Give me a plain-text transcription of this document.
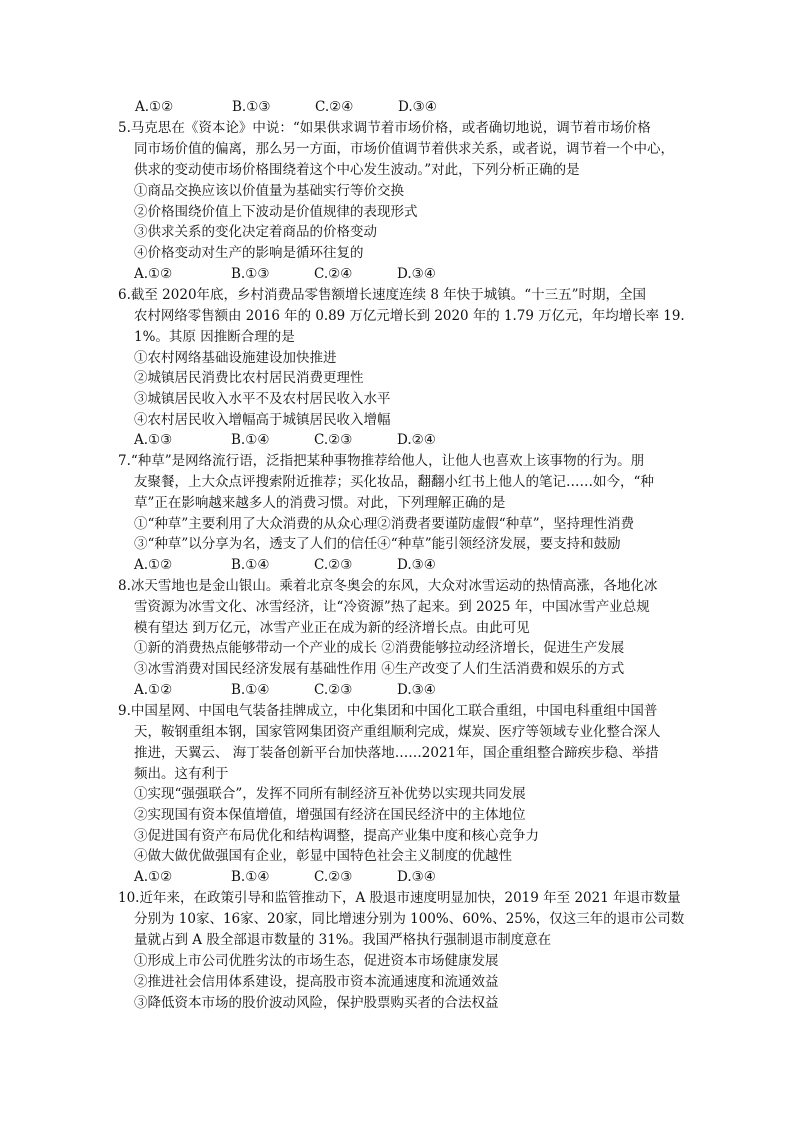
A.①②	B.①③	C.②④	D.③④
5.马克思在《资本论》中说：“如果供求调节着市场价格，或者确切地说，调节着市场价格
同市场价值的偏离，那么另一方面，市场价值调节着供求关系，或者说，调节着一个中心，
供求的变动使市场价格围绕着这个中心发生波动。”对此，下列分析正确的是
①商品交换应该以价值量为基础实行等价交换
②价格围绕价值上下波动是价值规律的表现形式
③供求关系的变化决定着商品的价格变动
④价格变动对生产的影响是循环往复的
A.①②	B.①③	C.②④	D.③④
6.截至 2020年底，乡村消费品零售额增长速度连续 8 年快于城镇。“十三五”时期，全国
农村网络零售额由 2016 年的 0.89 万亿元增长到 2020 年的 1.79 万亿元，年均增长率 19.
1%。其原 因推断合理的是
①农村网络基础设施建设加快推进
②城镇居民消费比农村居民消费更理性
③城镇居民收入水平不及农村居民收入水平
④农村居民收入增幅高于城镇居民收入增幅
A.①③	B.①④	C.②③	D.②④
7.“种草”是网络流行语，泛指把某种事物推荐给他人，让他人也喜欢上该事物的行为。朋
友聚餐，上大众点评搜索附近推荐；买化妆品，翻翻小红书上他人的笔记……如今，“种
草”正在影响越来越多人的消费习惯。对此，下列理解正确的是
①“种草”主要利用了大众消费的从众心理②消费者要谨防虚假“种草”，坚持理性消费
③“种草”以分享为名，透支了人们的信任④“种草”能引领经济发展，要支持和鼓励
A.①②	B.①④	C.②③	D.③④
8.冰天雪地也是金山银山。乘着北京冬奥会的东风，大众对冰雪运动的热情高涨，各地化冰
雪资源为冰雪文化、冰雪经济，让“冷资源”热了起来。到 2025 年，中国冰雪产业总规
模有望达 到万亿元，冰雪产业正在成为新的经济增长点。由此可见
①新的消费热点能够带动一个产业的成长 ②消费能够拉动经济增长，促进生产发展
③冰雪消费对国民经济发展有基础性作用 ④生产改变了人们生活消费和娱乐的方式
A.①②	B.①④	C.②③	D.③④
9.中国星网、中国电气装备挂牌成立，中化集团和中国化工联合重组，中国电科重组中国普
天，鞍钢重组本钢，国家管网集团资产重组顺利完成，煤炭、医疗等领域专业化整合深人
推进，天翼云、 海丁装备创新平台加快落地……2021年，国企重组整合蹄疾步稳、举措
频出。这有利于
①实现“强强联合”，发挥不同所有制经济互补优势以实现共同发展
②实现国有资本保值增值，增强国有经济在国民经济中的主体地位
③促进国有资产布局优化和结构调整，提高产业集中度和核心竞争力
④做大做优做强国有企业，彰显中国特色社会主义制度的优越性
A.①②	B.①④	C.②③	D.③④
10.近年来，在政策引导和监管推动下，A 股退市速度明显加快，2019 年至 2021 年退市数量
分别为 10家、16家、20家，同比增速分别为 100%、60%、25%，仅这三年的退市公司数
量就占到 A 股全部退市数量的 31%。我国严格执行强制退市制度意在
①形成上市公司优胜劣汰的市场生态，促进资本市场健康发展
②推进社会信用体系建设，提高股市资本流通速度和流通效益
③降低资本市场的股价波动风险，保护股票购买者的合法权益
